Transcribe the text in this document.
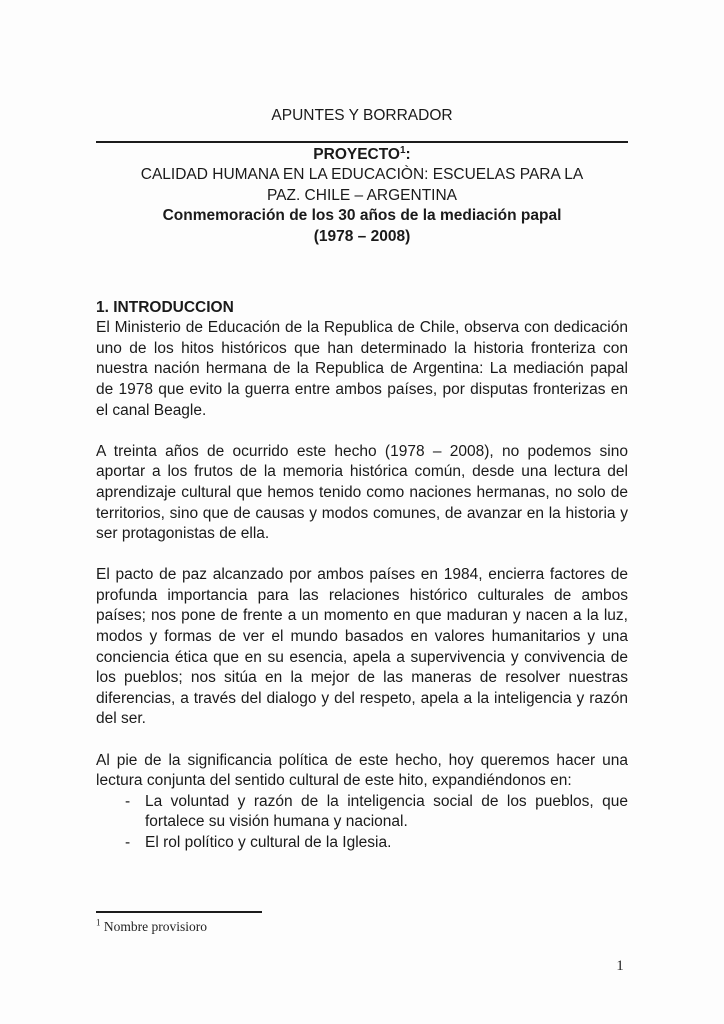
APUNTES Y BORRADOR
PROYECTO$^1$:
CALIDAD HUMANA EN LA EDUCACIÒN: ESCUELAS PARA LA
PAZ. CHILE – ARGENTINA
Conmemoración de los 30 años de la mediación papal
(1978 – 2008)
1. INTRODUCCION

El Ministerio de Educación de la Republica de Chile, observa con dedicación uno de los hitos históricos que han determinado la historia fronteriza con nuestra nación hermana de la Republica de Argentina: La mediación papal de 1978 que evito la guerra entre ambos países, por disputas fronterizas en el canal Beagle.

A treinta años de ocurrido este hecho (1978 – 2008), no podemos sino aportar a los frutos de la memoria histórica común, desde una lectura del aprendizaje cultural que hemos tenido como naciones hermanas, no solo de territorios, sino que de causas y modos comunes, de avanzar en la historia y ser protagonistas de ella.

El pacto de paz alcanzado por ambos países en 1984, encierra factores de profunda importancia para las relaciones histórico culturales de ambos países; nos pone de frente a un momento en que maduran y nacen a la luz, modos y formas de ver el mundo basados en valores humanitarios y una conciencia ética que en su esencia, apela a supervivencia y convivencia de los pueblos; nos sitúa en la mejor de las maneras de resolver nuestras diferencias, a través del dialogo y del respeto, apela a la inteligencia y razón del ser.

Al pie de la significancia política de este hecho, hoy queremos hacer una lectura conjunta del sentido cultural de este hito, expandiéndonos en:

- La voluntad y razón de la inteligencia social de los pueblos, que fortalece su visión humana y nacional.
- El rol político y cultural de la Iglesia.
$^1$ Nombre provisioro
1
